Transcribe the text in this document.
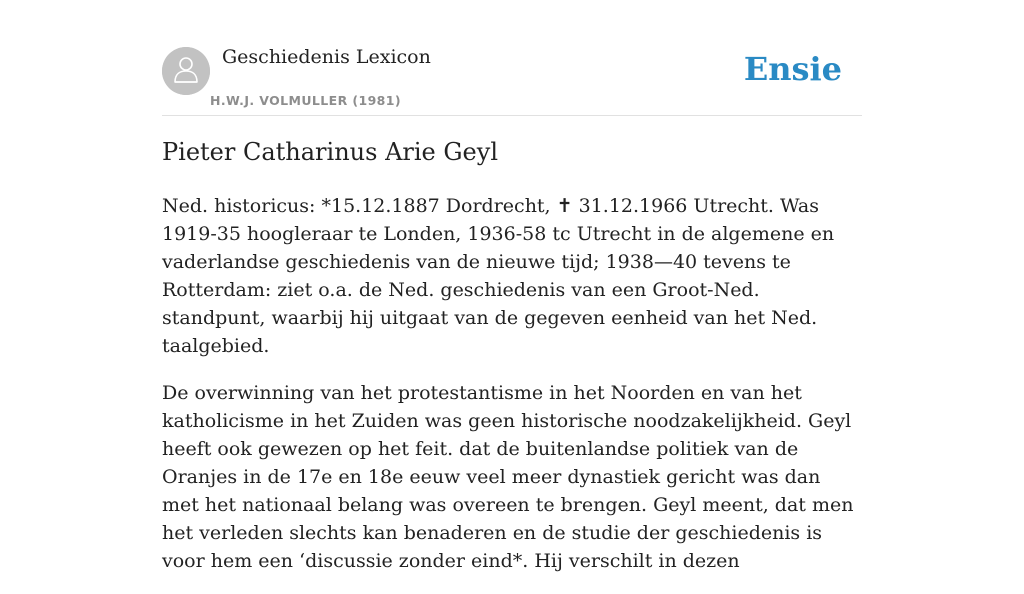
Geschiedenis Lexicon
H.W.J. VOLMULLER (1981)
Ensie
Pieter Catharinus Arie Geyl

Ned. historicus: *15.12.1887 Dordrecht, ✝ 31.12.1966 Utrecht. Was 1919-35 hoogleraar te Londen, 1936-58 tc Utrecht in de algemene en vaderlandse geschiedenis van de nieuwe tijd; 1938—40 tevens te Rotterdam: ziet o.a. de Ned. geschiedenis van een Groot-Ned. standpunt, waarbij hij uitgaat van de gegeven eenheid van het Ned. taalgebied.

De overwinning van het protestantisme in het Noorden en van het katholicisme in het Zuiden was geen historische noodzakelijkheid. Geyl heeft ook gewezen op het feit. dat de buitenlandse politiek van de Oranjes in de 17e en 18e eeuw veel meer dynastiek gericht was dan met het nationaal belang was overeen te brengen. Geyl meent, dat men het verleden slechts kan benaderen en de studie der geschiedenis is voor hem een ‘discussie zonder eind*. Hij verschilt in dezen
